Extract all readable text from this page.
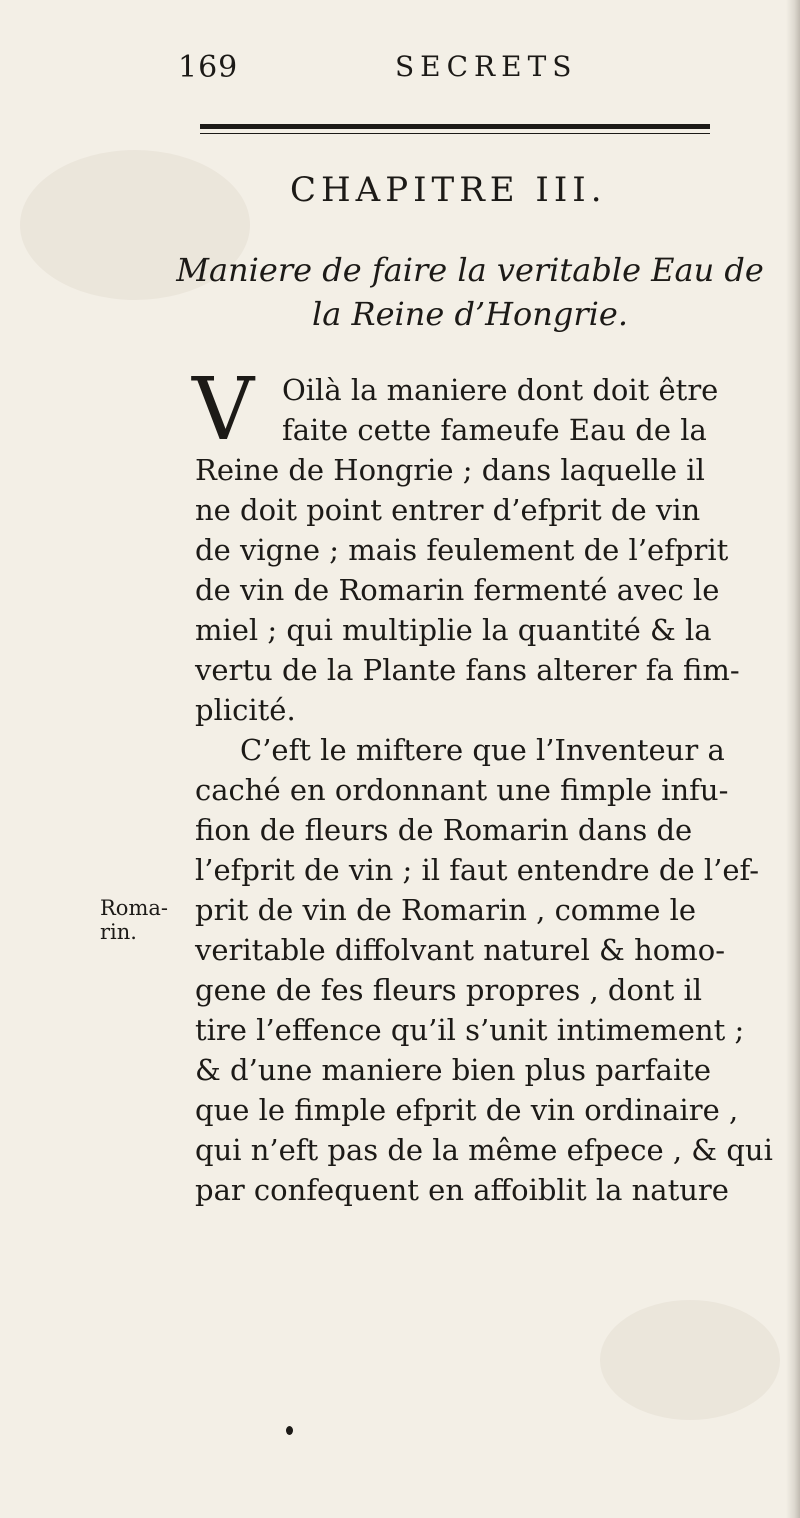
169	SECRETS
CHAPITRE III.
Maniere de faire la veritable Eau de
la Reine d’Hongrie.
V Oilà la maniere dont doit être
faite cette fameufe Eau de la
Reine de Hongrie ; dans laquelle il
ne doit point entrer d’efprit de vin
de vigne ; mais feulement de l’efprit
de vin de Romarin fermenté avec le
miel ; qui multiplie la quantité & la
vertu de la Plante fans alterer fa fim-
plicité.
C’eft le miftere que l’Inventeur a
caché en ordonnant une fimple infu-
fion de fleurs de Romarin dans de
l’efprit de vin ; il faut entendre de l’ef-
prit de vin de Romarin , comme le
veritable diffolvant naturel & homo-
gene de fes fleurs propres , dont il
tire l’effence qu’il s’unit intimement ;
& d’une maniere bien plus parfaite
que le fimple efprit de vin ordinaire ,
qui n’eft pas de la même efpece , & qui
par confequent en affoiblit la nature
Roma-
rin.
